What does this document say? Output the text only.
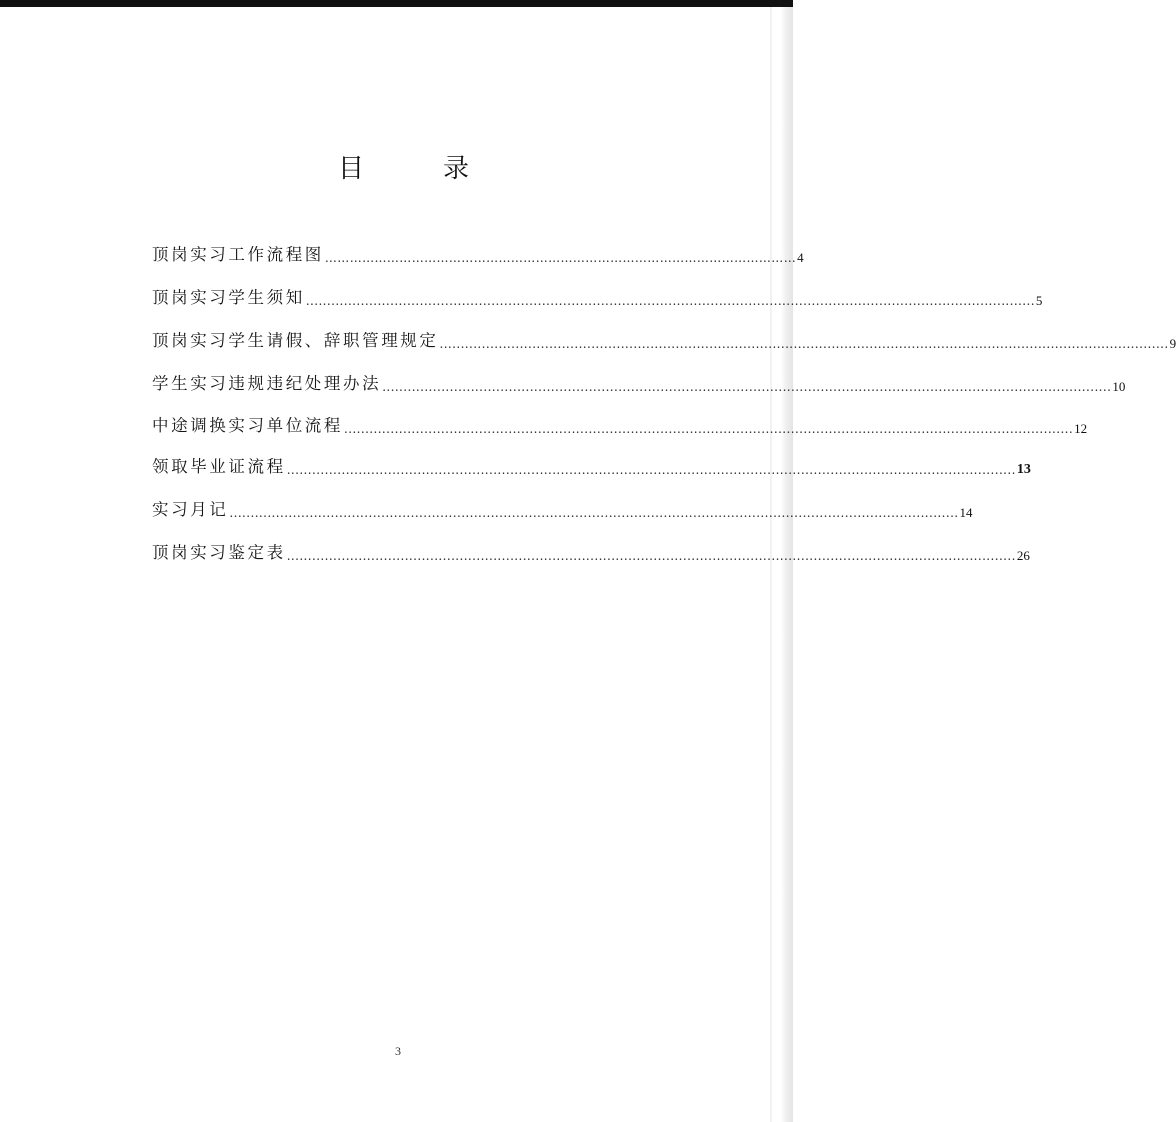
目	录
顶岗实习工作流程图 …………………………………………………………………………………………………… 4
顶岗实习学生须知 ............................................................................................................................................................................. 5
顶岗实习学生请假、辞职管理规定 ............................................................................................................................................................................. 9
学生实习违规违纪处理办法 ............................................................................................................................................................................. 10
中途调换实习单位流程 ............................................................................................................................................................................. 12
领取毕业证流程 ............................................................................................................................................................................. 13
实习月记 ............................................................................................................................................................................. 14
顶岗实习鉴定表 ............................................................................................................................................................................. 26
3
